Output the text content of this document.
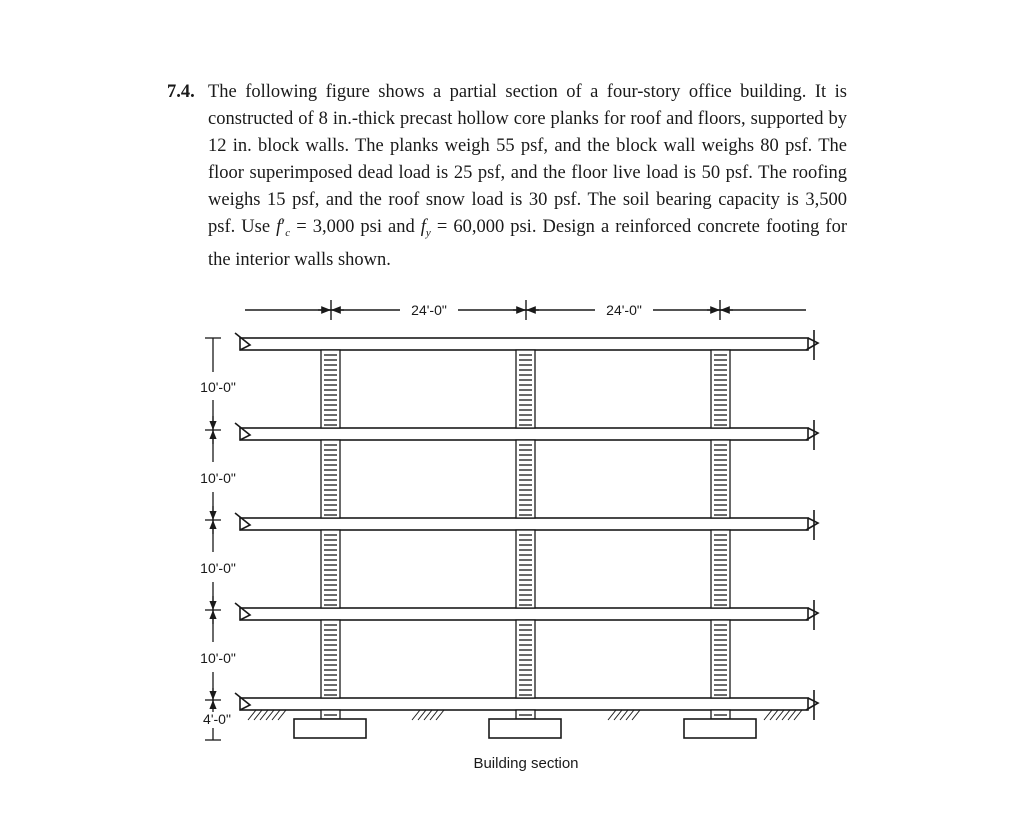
7.4. The following figure shows a partial section of a four-story office building. It is constructed of 8 in.-thick precast hollow core planks for roof and floors, supported by 12 in. block walls. The planks weigh 55 psf, and the block wall weighs 80 psf. The floor superimposed dead load is 25 psf, and the floor live load is 50 psf. The roofing weighs 15 psf, and the roof snow load is 30 psf. The soil bearing capacity is 3,500 psf. Use $f'_c = 3,000$ psi and $f_y = 60,000$ psi. Design a reinforced concrete footing for the interior walls shown.
24'-0"	24'-0"
10'-0"
10'-0"
10'-0"
10'-0"
4'-0"
Building section
